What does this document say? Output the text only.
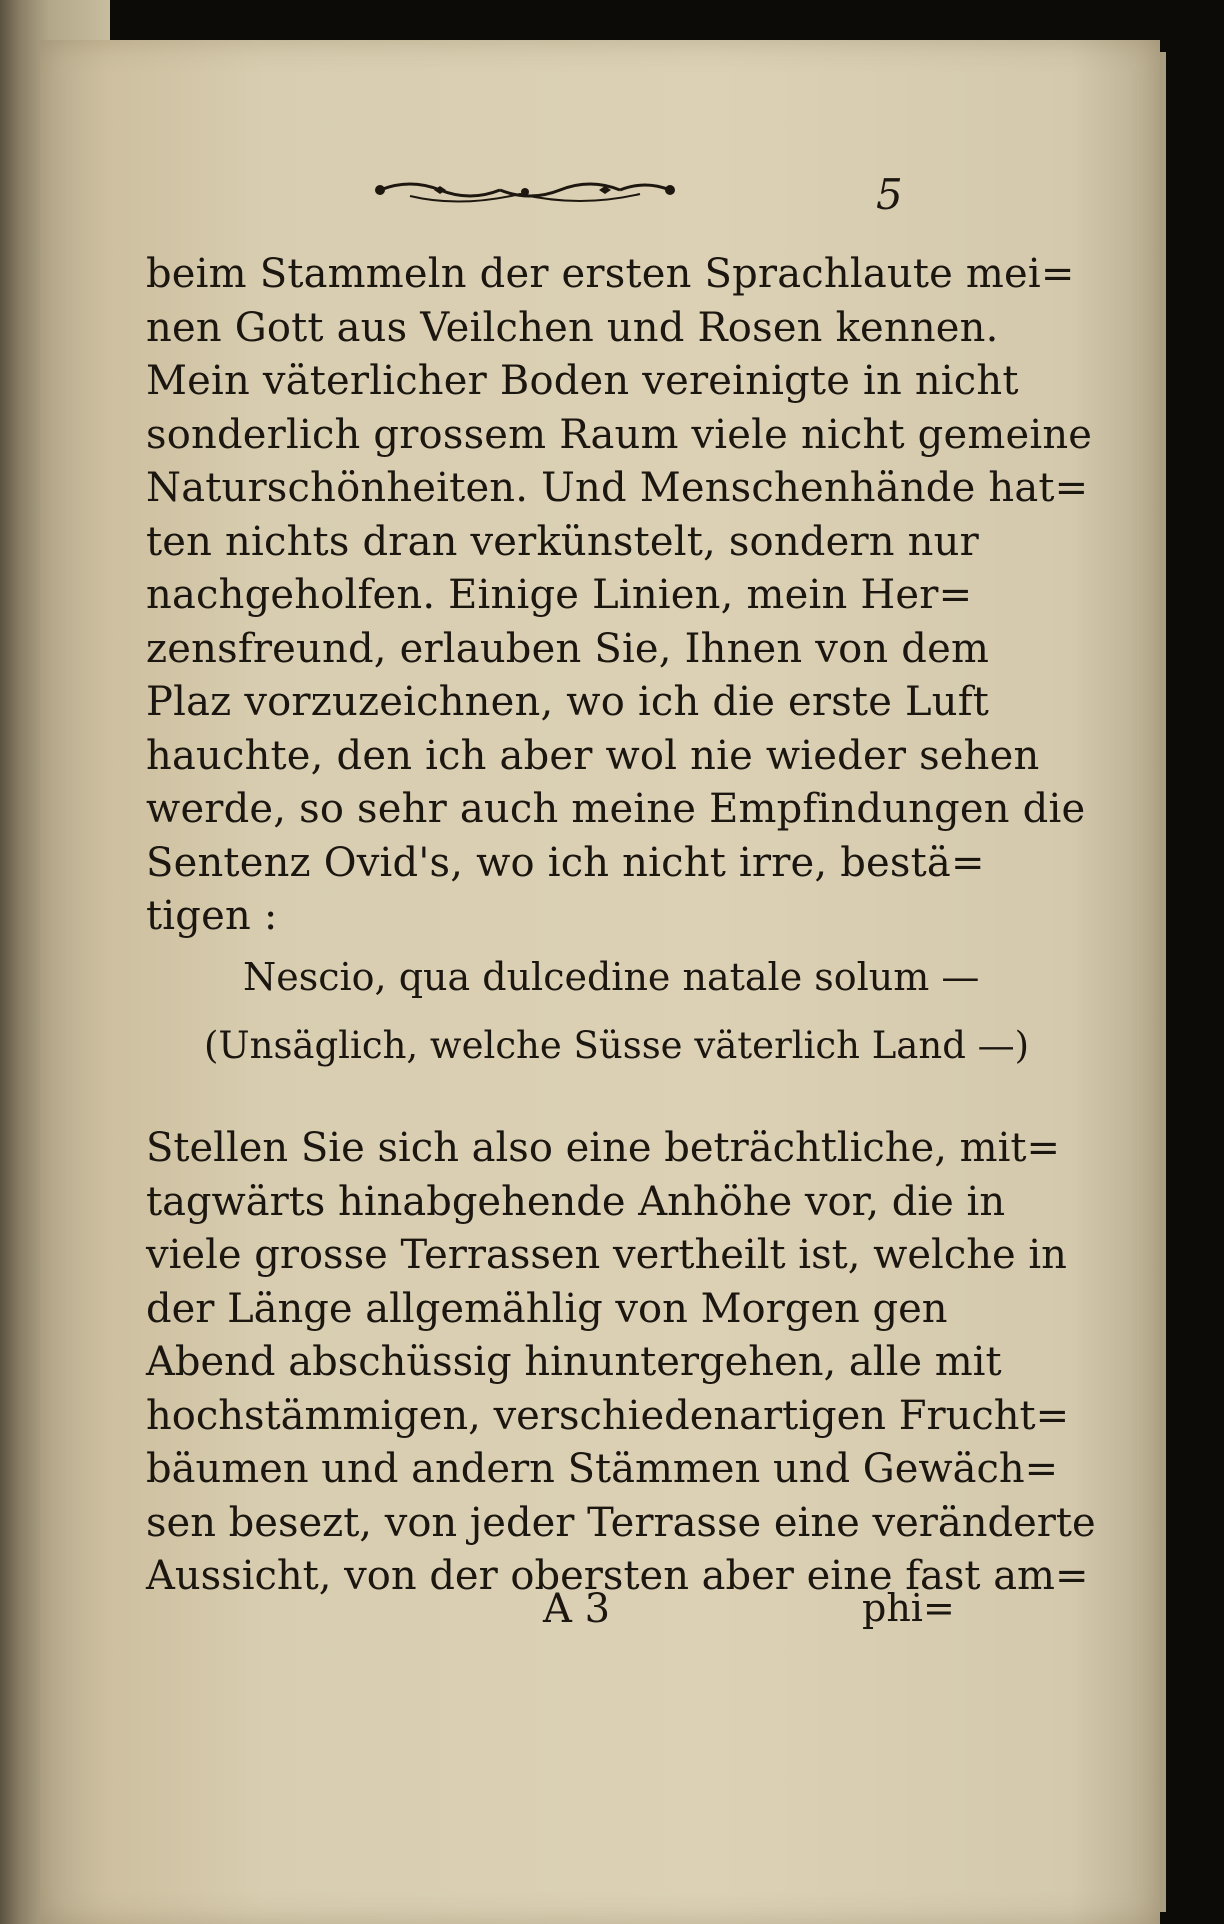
5
beim Stammeln der ersten Sprachlaute mei=
nen Gott aus Veilchen und Rosen kennen.
Mein väterlicher Boden vereinigte in nicht
sonderlich grossem Raum viele nicht gemeine
Naturschönheiten. Und Menschenhände hat=
ten nichts dran verkünstelt, sondern nur
nachgeholfen. Einige Linien, mein Her=
zensfreund, erlauben Sie, Ihnen von dem
Plaz vorzuzeichnen, wo ich die erste Luft
hauchte, den ich aber wol nie wieder sehen
werde, so sehr auch meine Empfindungen die
Sentenz Ovid's, wo ich nicht irre, bestä=
tigen :
Nescio, qua dulcedine natale solum —
(Unsäglich, welche Süsse väterlich Land —)
Stellen Sie sich also eine beträchtliche, mit=
tagwärts hinabgehende Anhöhe vor, die in
viele grosse Terrassen vertheilt ist, welche in
der Länge allgemählig von Morgen gen
Abend abschüssig hinuntergehen, alle mit
hochstämmigen, verschiedenartigen Frucht=
bäumen und andern Stämmen und Gewäch=
sen besezt, von jeder Terrasse eine veränderte
Aussicht, von der obersten aber eine fast am=
A 3	phi=
